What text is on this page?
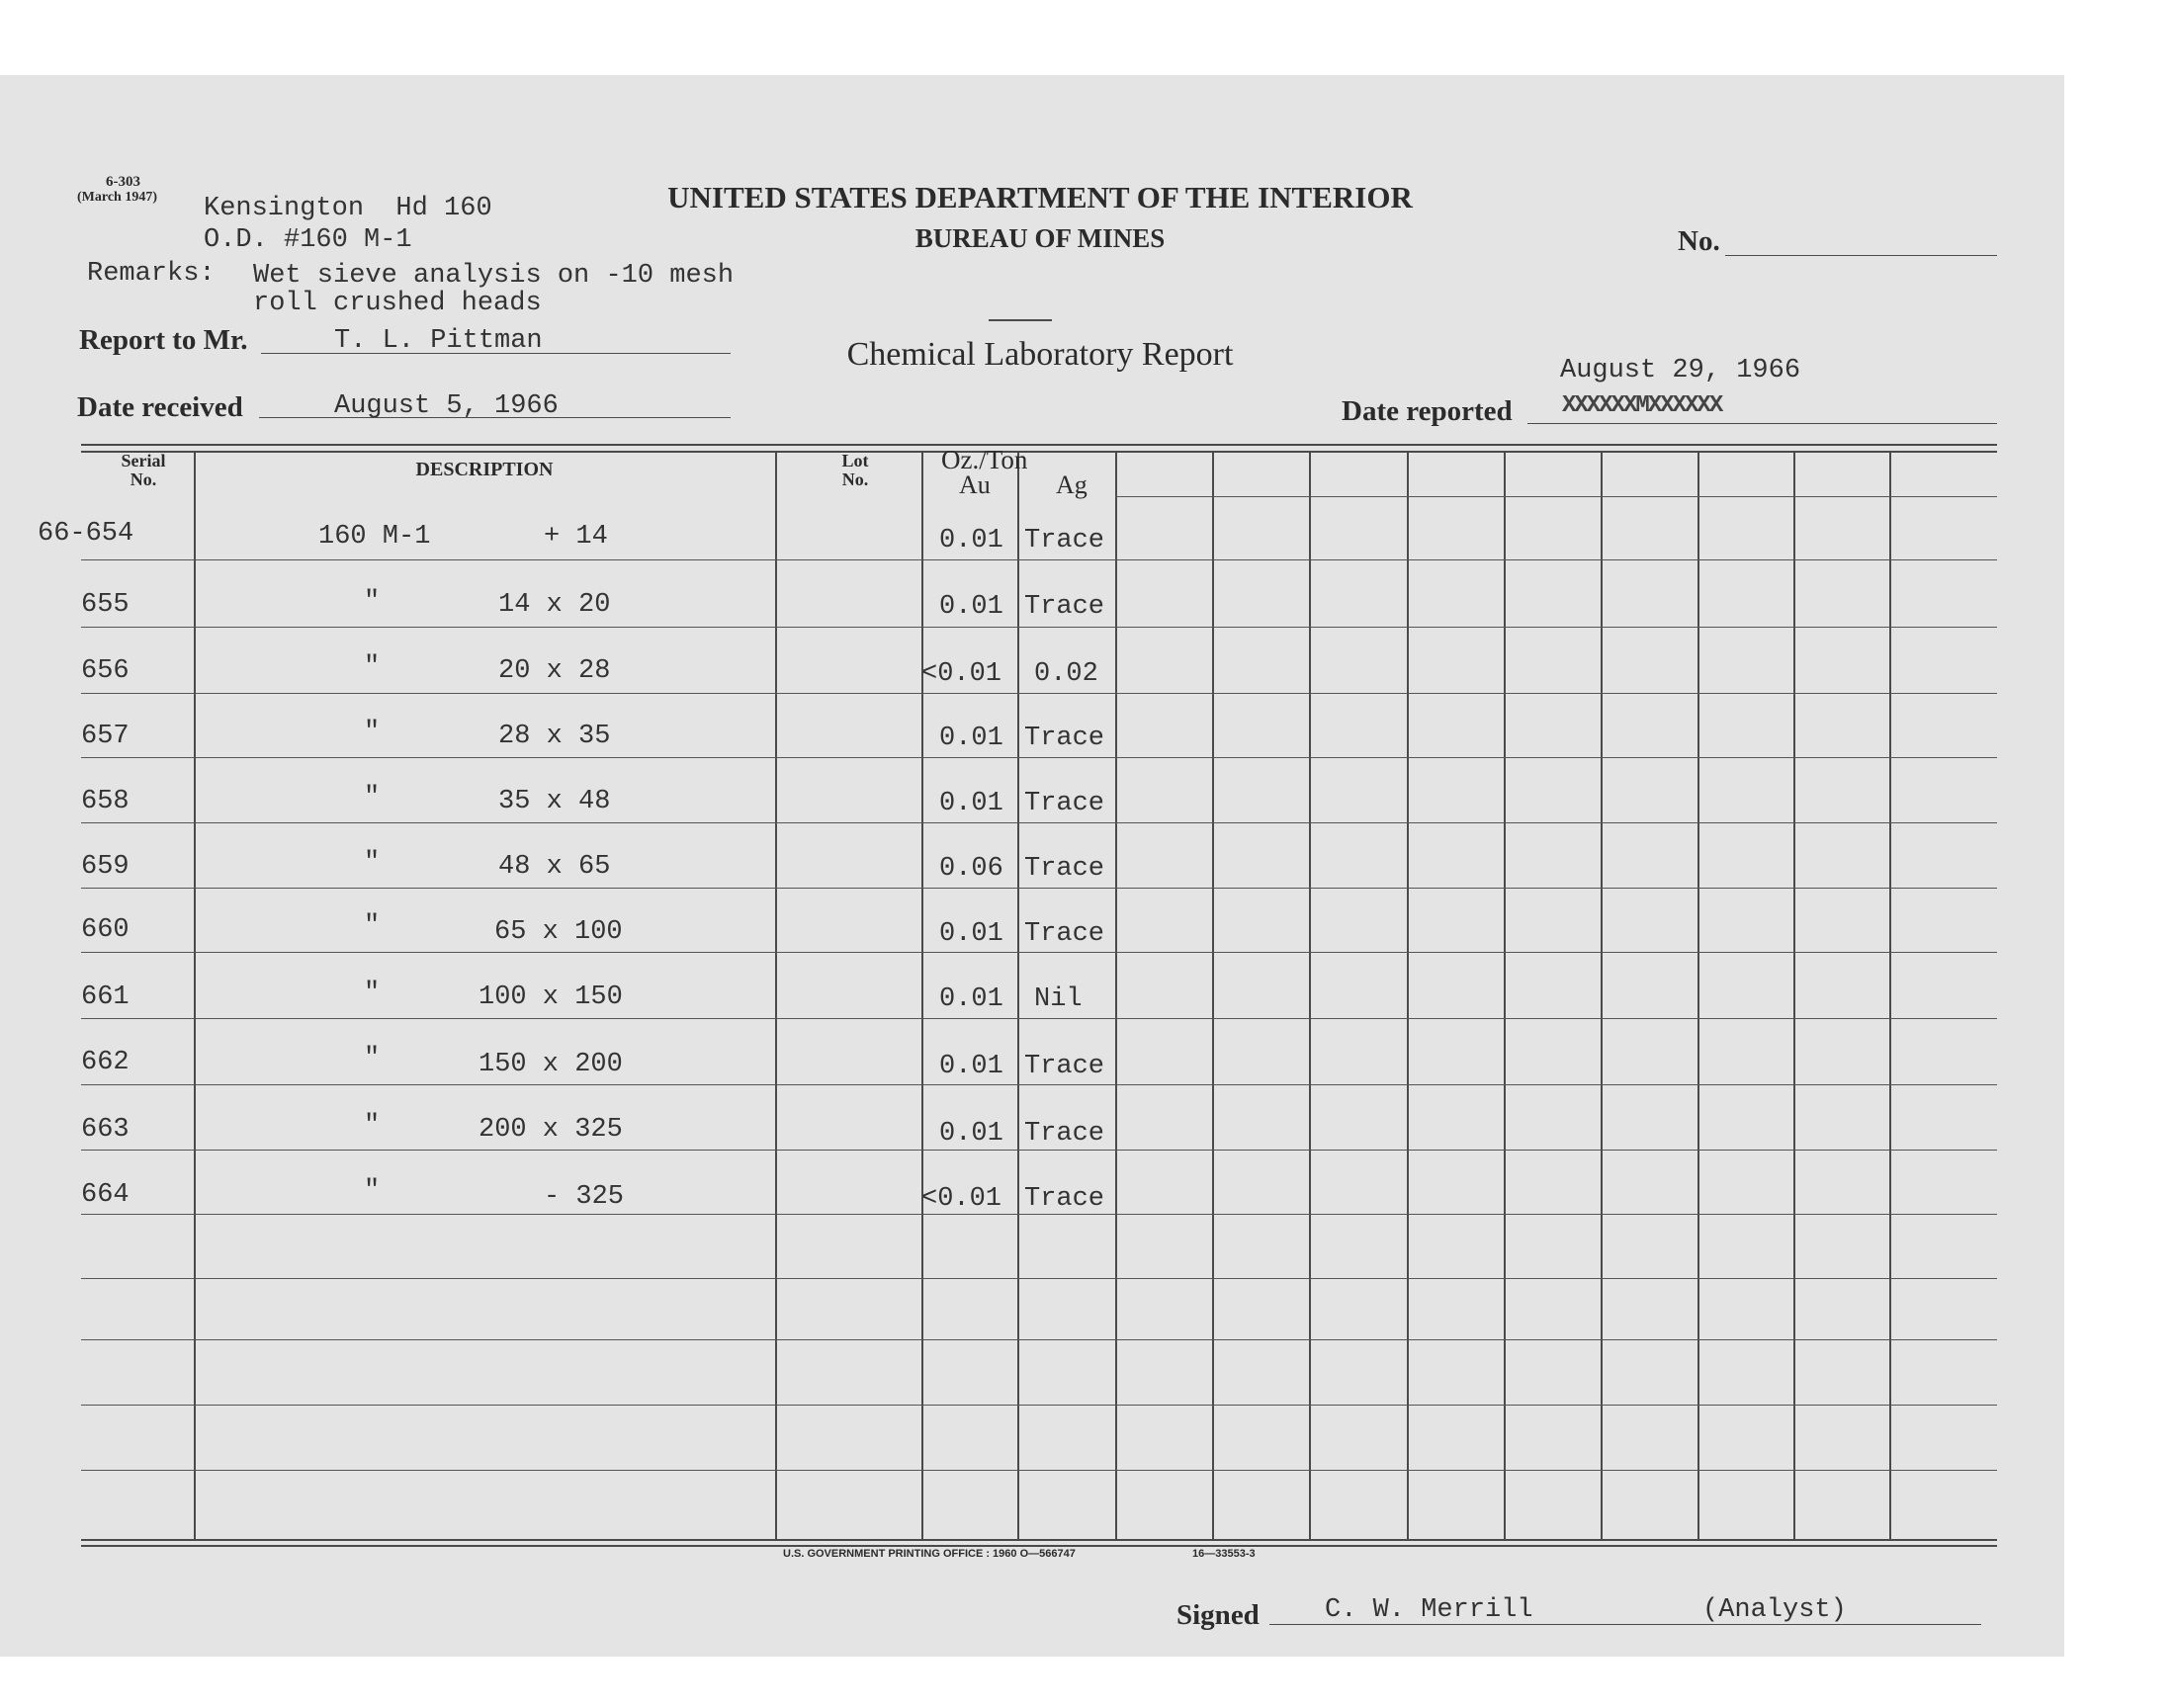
6-303
(March 1947) Kensington  Hd 160
O.D. #160 M-1
Remarks: Wet sieve analysis on -10 mesh
roll crushed heads
UNITED STATES DEPARTMENT OF THE INTERIOR
BUREAU OF MINES
Chemical Laboratory Report
No.
Report to Mr.	T. L. Pittman
Date received	August 5, 1966
August 29, 1966
Date reported XXXXXXMXXXXXX
Serial
No.	DESCRIPTION	Lot
No.
Oz./Ton
Au	Ag
66-654	160 M-1	+ 14	0.01 Trace
655	"	14 x 20	0.01 Trace
656	"	20 x 28	<0.01 0.02
657	"	28 x 35	0.01 Trace
658	"	35 x 48	0.01 Trace
659	"	48 x 65	0.06 Trace
660	"	65 x 100	0.01 Trace
661	"	100 x 150	0.01 Nil
662	"	150 x 200	0.01 Trace
663	"	200 x 325	0.01 Trace
664	"	- 325	<0.01 Trace
U.S. GOVERNMENT PRINTING OFFICE : 1960 O—566747	16—33553-3
Signed C. W. Merrill	(Analyst)
